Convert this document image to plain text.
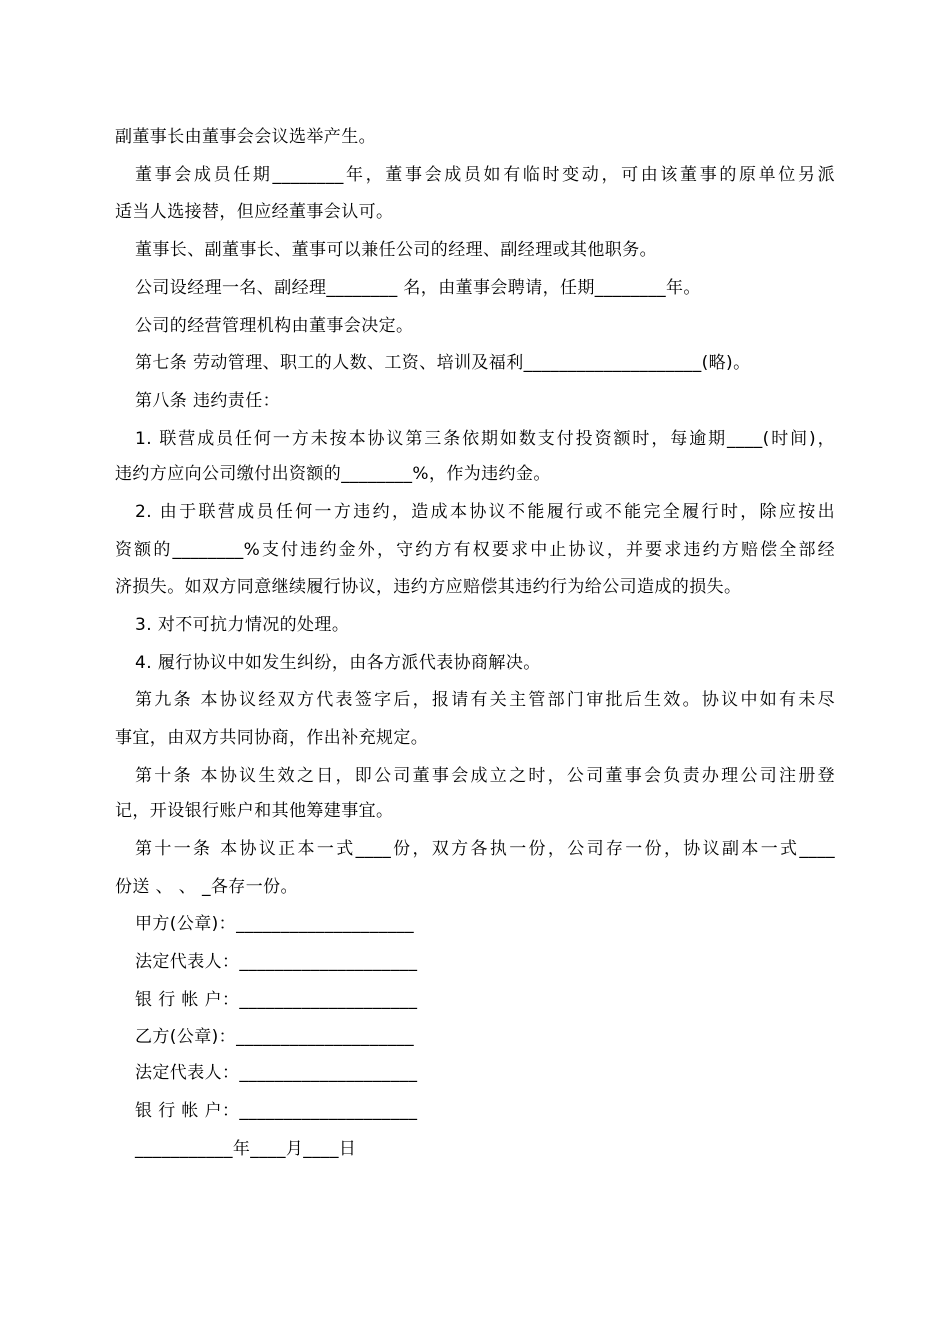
副董事长由董事会会议选举产生。
董事会成员任期________年，董事会成员如有临时变动，可由该董事的原单位另派
适当人选接替，但应经董事会认可。
董事长、副董事长、董事可以兼任公司的经理、副经理或其他职务。
公司设经理一名、副经理________ 名，由董事会聘请，任期________年。
公司的经营管理机构由董事会决定。
第七条 劳动管理、职工的人数、工资、培训及福利____________________(略)。
第八条 违约责任：
1. 联营成员任何一方未按本协议第三条依期如数支付投资额时，每逾期____(时间)，
违约方应向公司缴付出资额的________%，作为违约金。
2. 由于联营成员任何一方违约，造成本协议不能履行或不能完全履行时，除应按出
资额的________%支付违约金外，守约方有权要求中止协议，并要求违约方赔偿全部经
济损失。如双方同意继续履行协议，违约方应赔偿其违约行为给公司造成的损失。
3. 对不可抗力情况的处理。
4. 履行协议中如发生纠纷，由各方派代表协商解决。
第九条 本协议经双方代表签字后，报请有关主管部门审批后生效。协议中如有未尽
事宜，由双方共同协商，作出补充规定。
第十条 本协议生效之日，即公司董事会成立之时，公司董事会负责办理公司注册登
记，开设银行账户和其他筹建事宜。
第十一条 本协议正本一式____份，双方各执一份，公司存一份，协议副本一式____
份送 、 、 _各存一份。
甲方(公章)：____________________
法定代表人：____________________
银 行 帐 户：____________________
乙方(公章)：____________________
法定代表人：____________________
银 行 帐 户：____________________
___________年____月____日
